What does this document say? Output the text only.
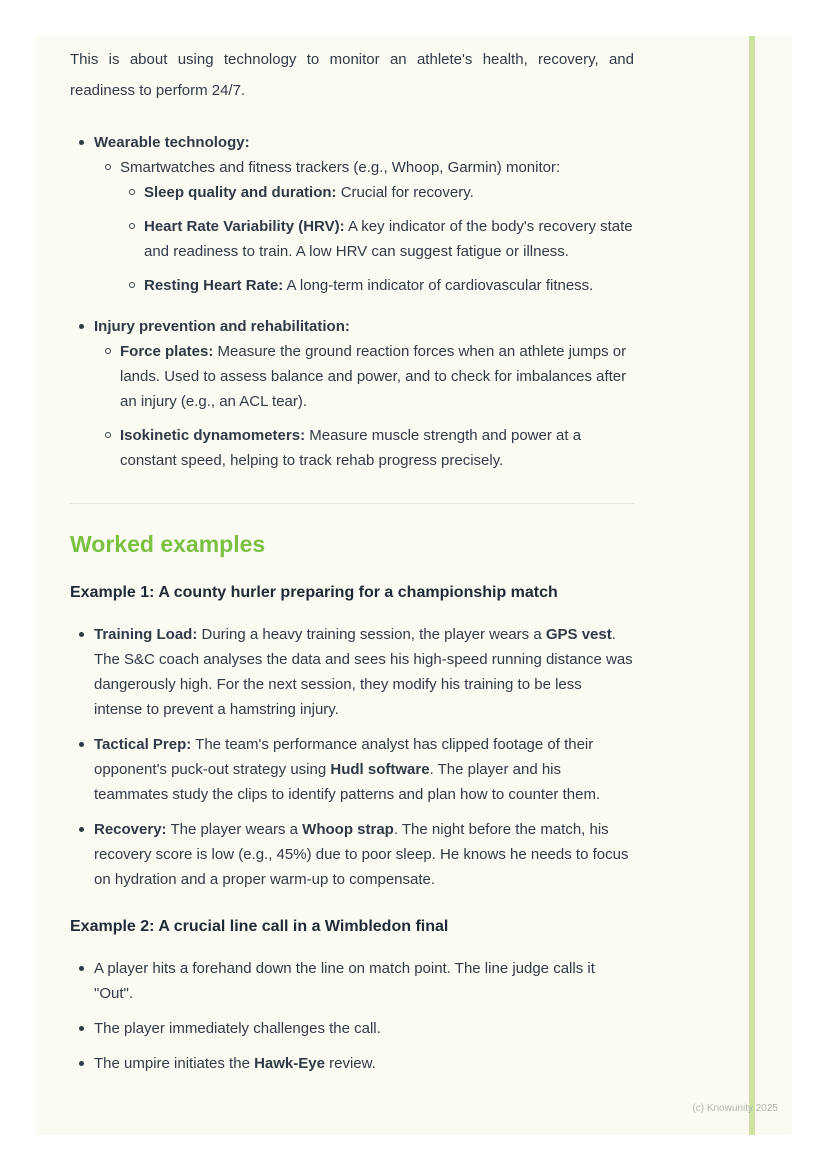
This is about using technology to monitor an athlete's health, recovery, and readiness to perform 24/7.

Wearable technology:
Smartwatches and fitness trackers (e.g., Whoop, Garmin) monitor:
Sleep quality and duration: Crucial for recovery.
Heart Rate Variability (HRV): A key indicator of the body's recovery state and readiness to train. A low HRV can suggest fatigue or illness.
Resting Heart Rate: A long-term indicator of cardiovascular fitness.
Injury prevention and rehabilitation:
Force plates: Measure the ground reaction forces when an athlete jumps or lands. Used to assess balance and power, and to check for imbalances after an injury (e.g., an ACL tear).
Isokinetic dynamometers: Measure muscle strength and power at a constant speed, helping to track rehab progress precisely.
Worked examples
Example 1: A county hurler preparing for a championship match
Training Load: During a heavy training session, the player wears a GPS vest. The S&C coach analyses the data and sees his high-speed running distance was dangerously high. For the next session, they modify his training to be less intense to prevent a hamstring injury.
Tactical Prep: The team's performance analyst has clipped footage of their opponent's puck-out strategy using Hudl software. The player and his teammates study the clips to identify patterns and plan how to counter them.
Recovery: The player wears a Whoop strap. The night before the match, his recovery score is low (e.g., 45%) due to poor sleep. He knows he needs to focus on hydration and a proper warm-up to compensate.
Example 2: A crucial line call in a Wimbledon final
A player hits a forehand down the line on match point. The line judge calls it "Out".
The player immediately challenges the call.
The umpire initiates the Hawk-Eye review.
(c) Knowunity 2025
